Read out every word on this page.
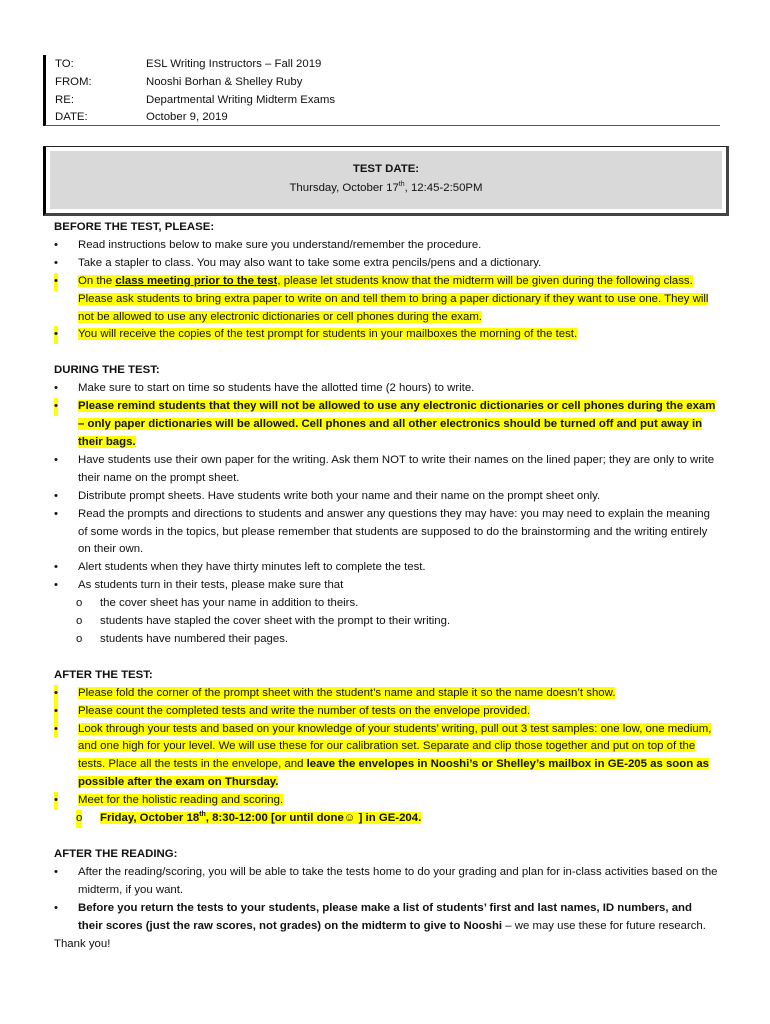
TO:	ESL Writing Instructors – Fall 2019
FROM:	Nooshi Borhan & Shelley Ruby
RE:	Departmental Writing Midterm Exams
DATE:	October 9, 2019
TEST DATE:
Thursday, October 17th, 12:45-2:50PM
BEFORE THE TEST, PLEASE:
• Read instructions below to make sure you understand/remember the procedure.
• Take a stapler to class. You may also want to take some extra pencils/pens and a dictionary.
• On the class meeting prior to the test, please let students know that the midterm will be given during the following class. Please ask students to bring extra paper to write on and tell them to bring a paper dictionary if they want to use one. They will not be allowed to use any electronic dictionaries or cell phones during the exam.
• You will receive the copies of the test prompt for students in your mailboxes the morning of the test.
DURING THE TEST:
• Make sure to start on time so students have the allotted time (2 hours) to write.
• Please remind students that they will not be allowed to use any electronic dictionaries or cell phones during the exam – only paper dictionaries will be allowed. Cell phones and all other electronics should be turned off and put away in their bags.
• Have students use their own paper for the writing. Ask them NOT to write their names on the lined paper; they are only to write their name on the prompt sheet.
• Distribute prompt sheets. Have students write both your name and their name on the prompt sheet only.
• Read the prompts and directions to students and answer any questions they may have: you may need to explain the meaning of some words in the topics, but please remember that students are supposed to do the brainstorming and the writing entirely on their own.
• Alert students when they have thirty minutes left to complete the test.
• As students turn in their tests, please make sure that
o the cover sheet has your name in addition to theirs.
o students have stapled the cover sheet with the prompt to their writing.
o students have numbered their pages.
AFTER THE TEST:
• Please fold the corner of the prompt sheet with the student’s name and staple it so the name doesn’t show.
• Please count the completed tests and write the number of tests on the envelope provided.
• Look through your tests and based on your knowledge of your students’ writing, pull out 3 test samples: one low, one medium, and one high for your level. We will use these for our calibration set. Separate and clip those together and put on top of the tests. Place all the tests in the envelope, and leave the envelopes in Nooshi’s or Shelley’s mailbox in GE-205 as soon as possible after the exam on Thursday.
• Meet for the holistic reading and scoring.
o Friday, October 18th, 8:30-12:00 [or until done☺ ] in GE-204.
AFTER THE READING:
• After the reading/scoring, you will be able to take the tests home to do your grading and plan for in-class activities based on the midterm, if you want.
• Before you return the tests to your students, please make a list of students’ first and last names, ID numbers, and their scores (just the raw scores, not grades) on the midterm to give to Nooshi – we may use these for future research.
Thank you!
